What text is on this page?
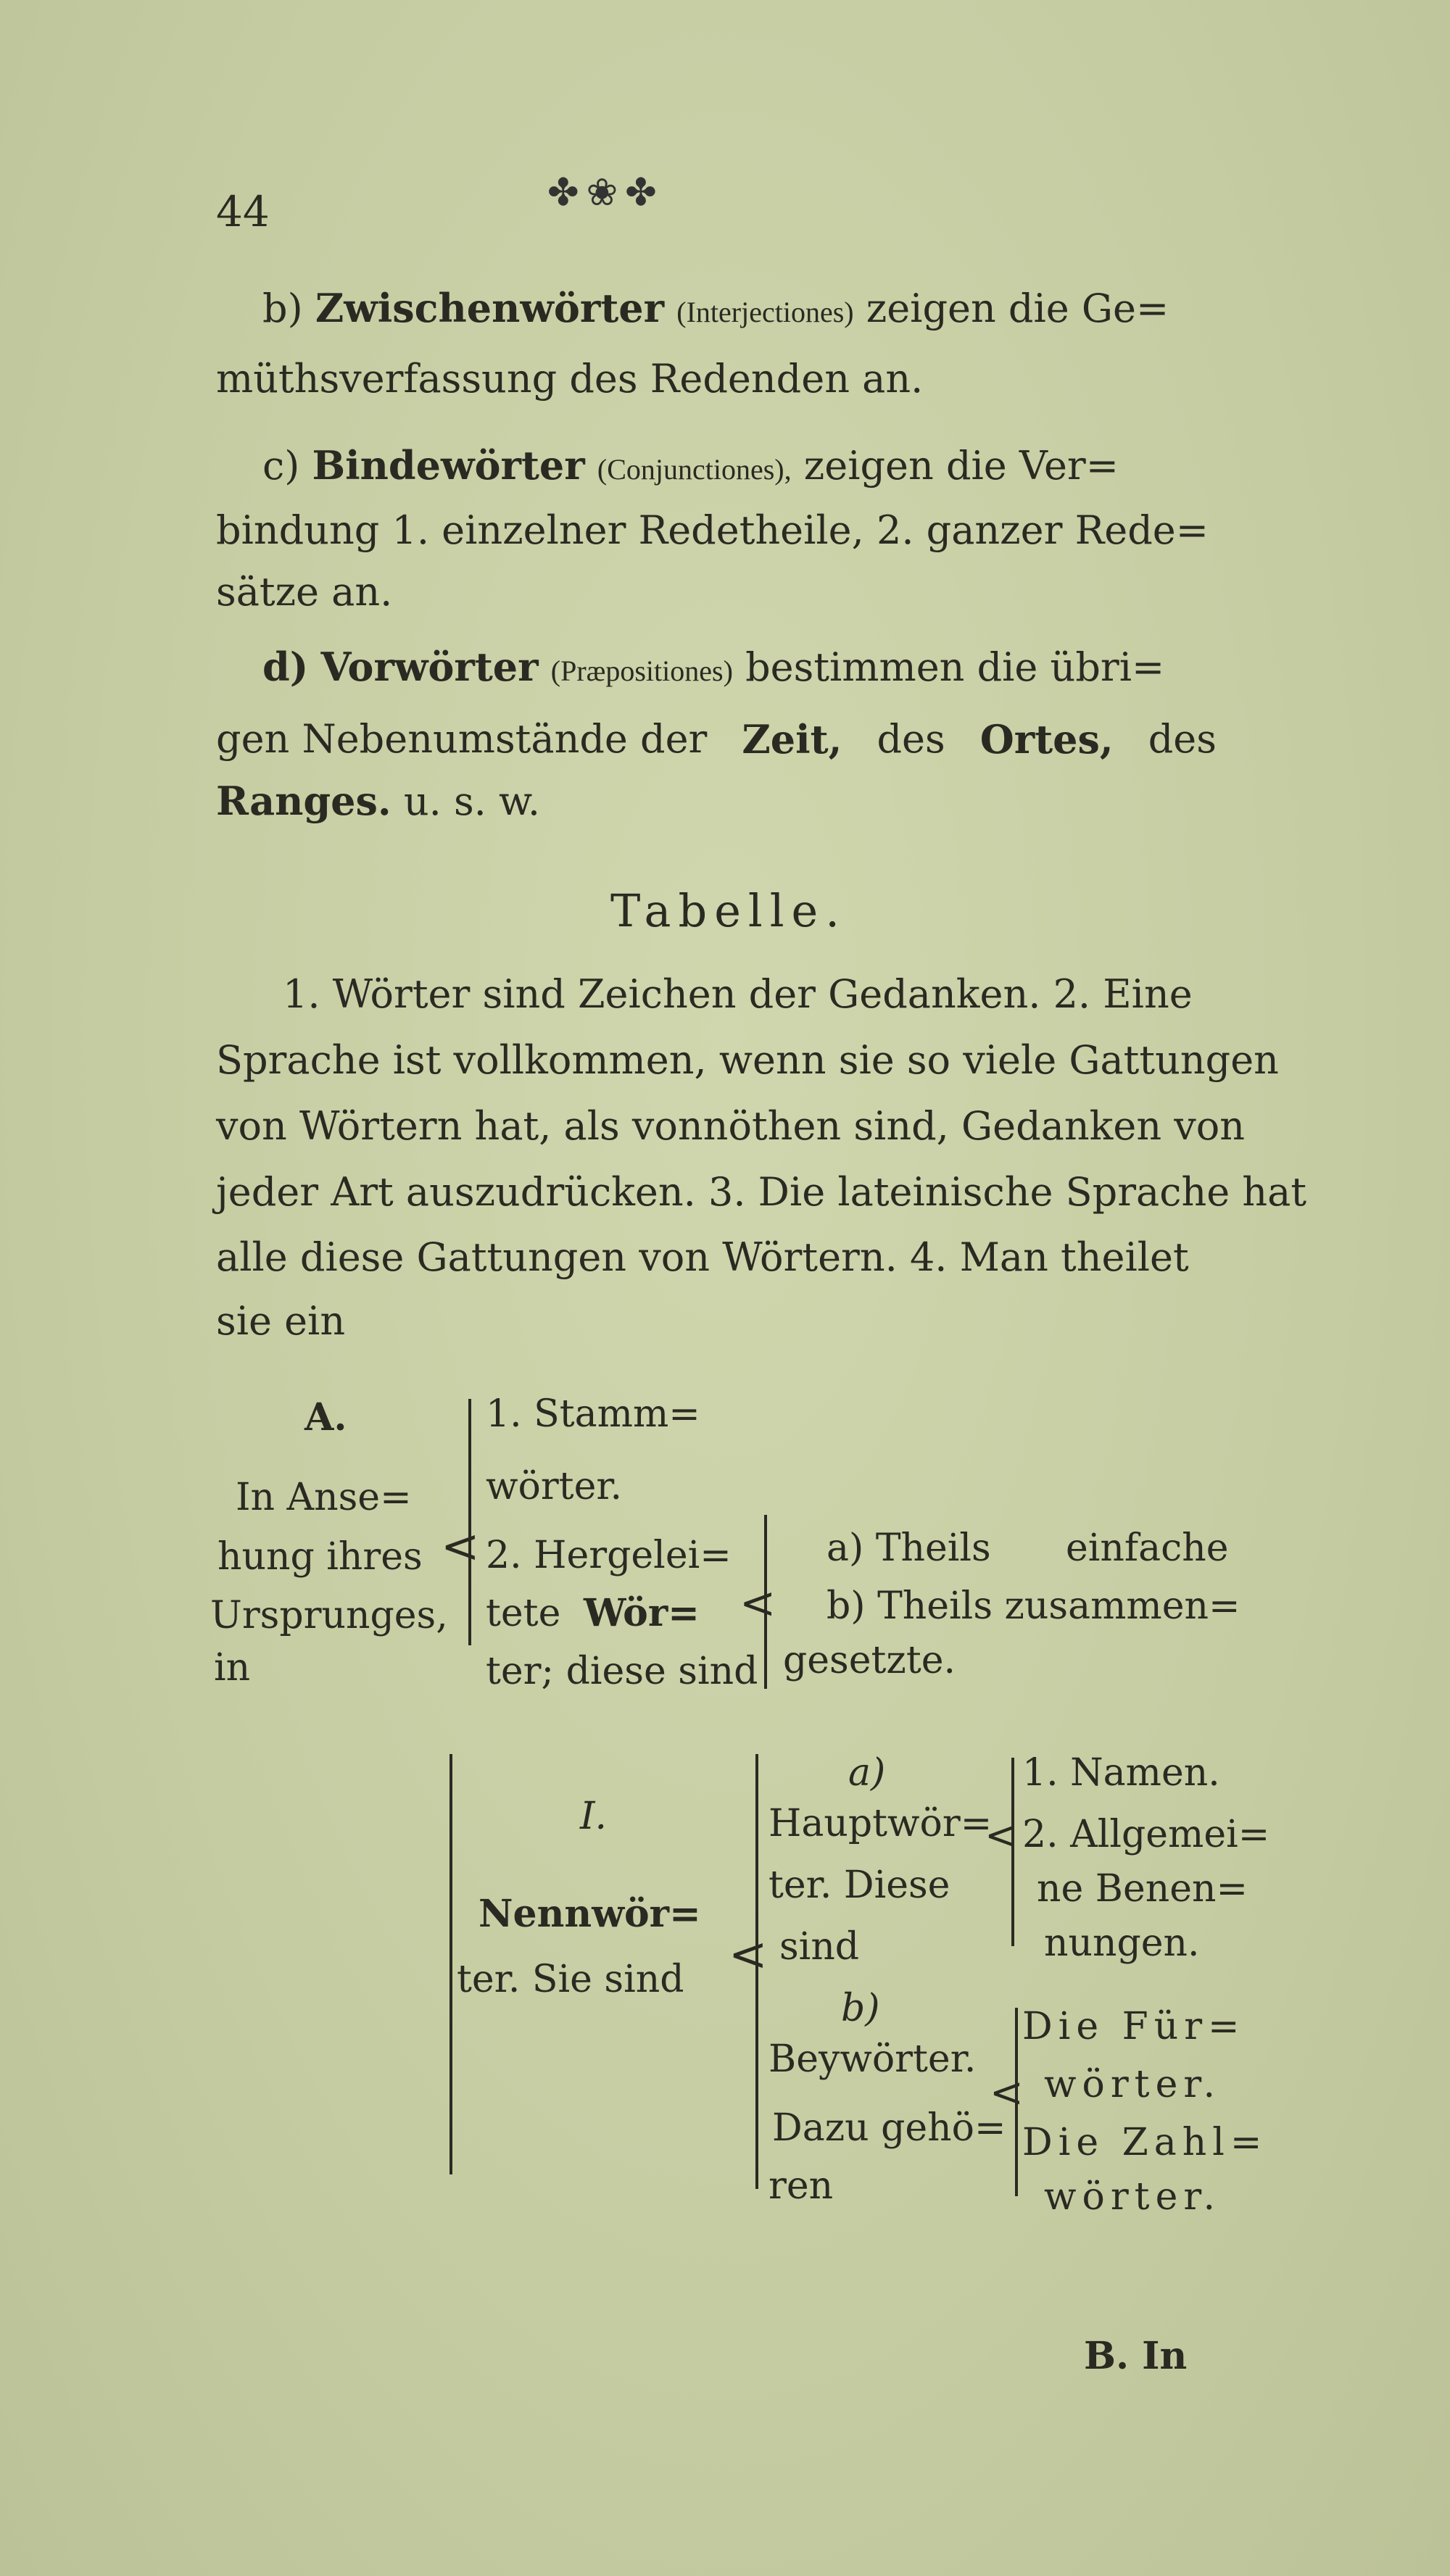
44	✤❀✤
b) Zwischenwörter (Interjectiones) zeigen die Ge=
müthsverfassung des Redenden an.
c) Bindewörter (Conjunctiones), zeigen die Ver=
bindung 1. einzelner Redetheile, 2. ganzer Rede=
sätze an.
d) Vorwörter (Præpositiones) bestimmen die übri=
gen Nebenumstände der Zeit, des Ortes, des
Ranges. u. s. w.
Tabelle.
1. Wörter sind Zeichen der Gedanken. 2. Eine
Sprache ist vollkommen, wenn sie so viele Gattungen
von Wörtern hat, als vonnöthen sind, Gedanken von
jeder Art auszudrücken. 3. Die lateinische Sprache hat
alle diese Gattungen von Wörtern. 4. Man theilet
sie ein
A.
In Anse=
hung ihres
Ursprunges,
in
<
1. Stamm=
wörter.
2. Hergelei=
tete Wör=
ter; diese sind
<
a) Theils einfache
b) Theils zusammen=
gesetzte.
I.
Nennwör=
ter. Sie sind <
a)
Hauptwör=
ter. Diese
sind
<
1. Namen.
2. Allgemei=
ne Benen=
nungen.
b)
Beywörter.
Dazu gehö=
ren
<
Die Für=
wörter.
Die Zahl=
wörter.
B. In
